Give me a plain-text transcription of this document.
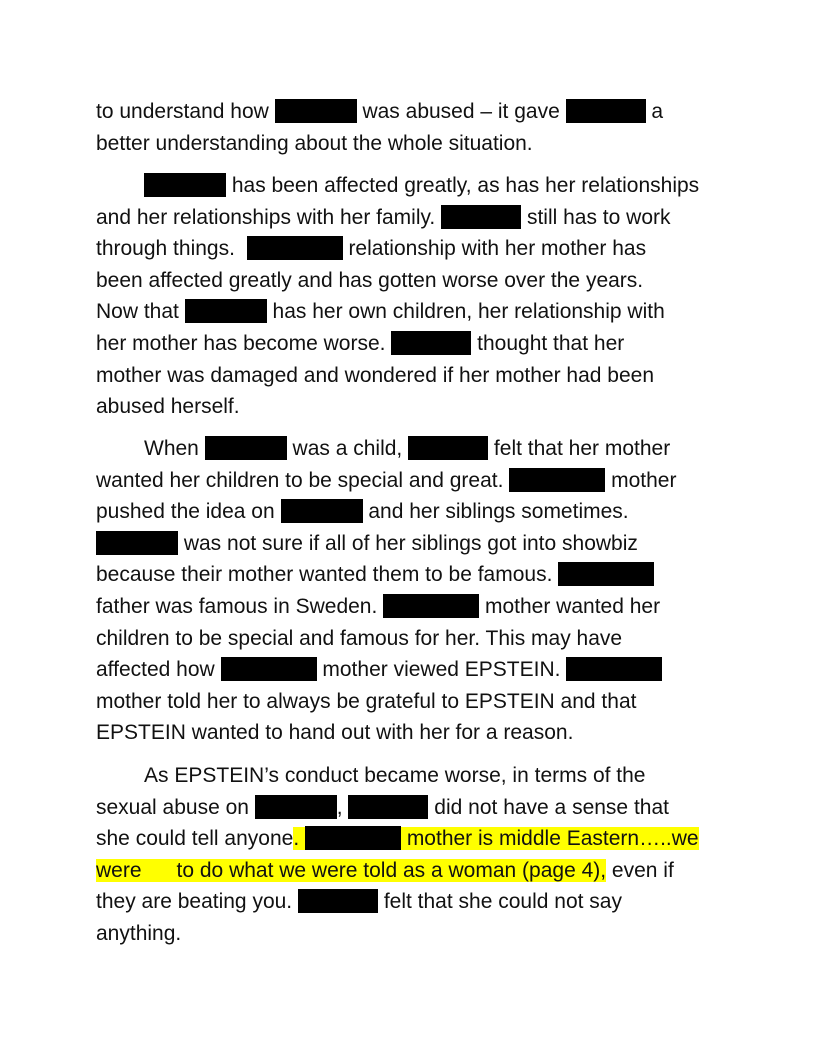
to understand how	was abused – it gave	a
better understanding about the whole situation.
has been affected greatly, as has her relationships
and her relationships with her family.	still has to work
through things.	relationship with her mother has
been affected greatly and has gotten worse over the years.
Now that	has her own children, her relationship with
her mother has become worse.	thought that her
mother was damaged and wondered if her mother had been
abused herself.
When	was a child,	felt that her mother
wanted her children to be special and great.	mother
pushed the idea on	and her siblings sometimes.
was not sure if all of her siblings got into showbiz
because their mother wanted them to be famous.
father was famous in Sweden.	mother wanted her
children to be special and famous for her. This may have
affected how	mother viewed EPSTEIN.
mother told her to always be grateful to EPSTEIN and that
EPSTEIN wanted to hand out with her for a reason.
As EPSTEIN’s conduct became worse, in terms of the
sexual abuse on	,	did not have a sense that
she could tell anyone.	mother is middle Eastern…..we
were      to do what we were told as a woman (page 4), even if
they are beating you.	felt that she could not say
anything.
